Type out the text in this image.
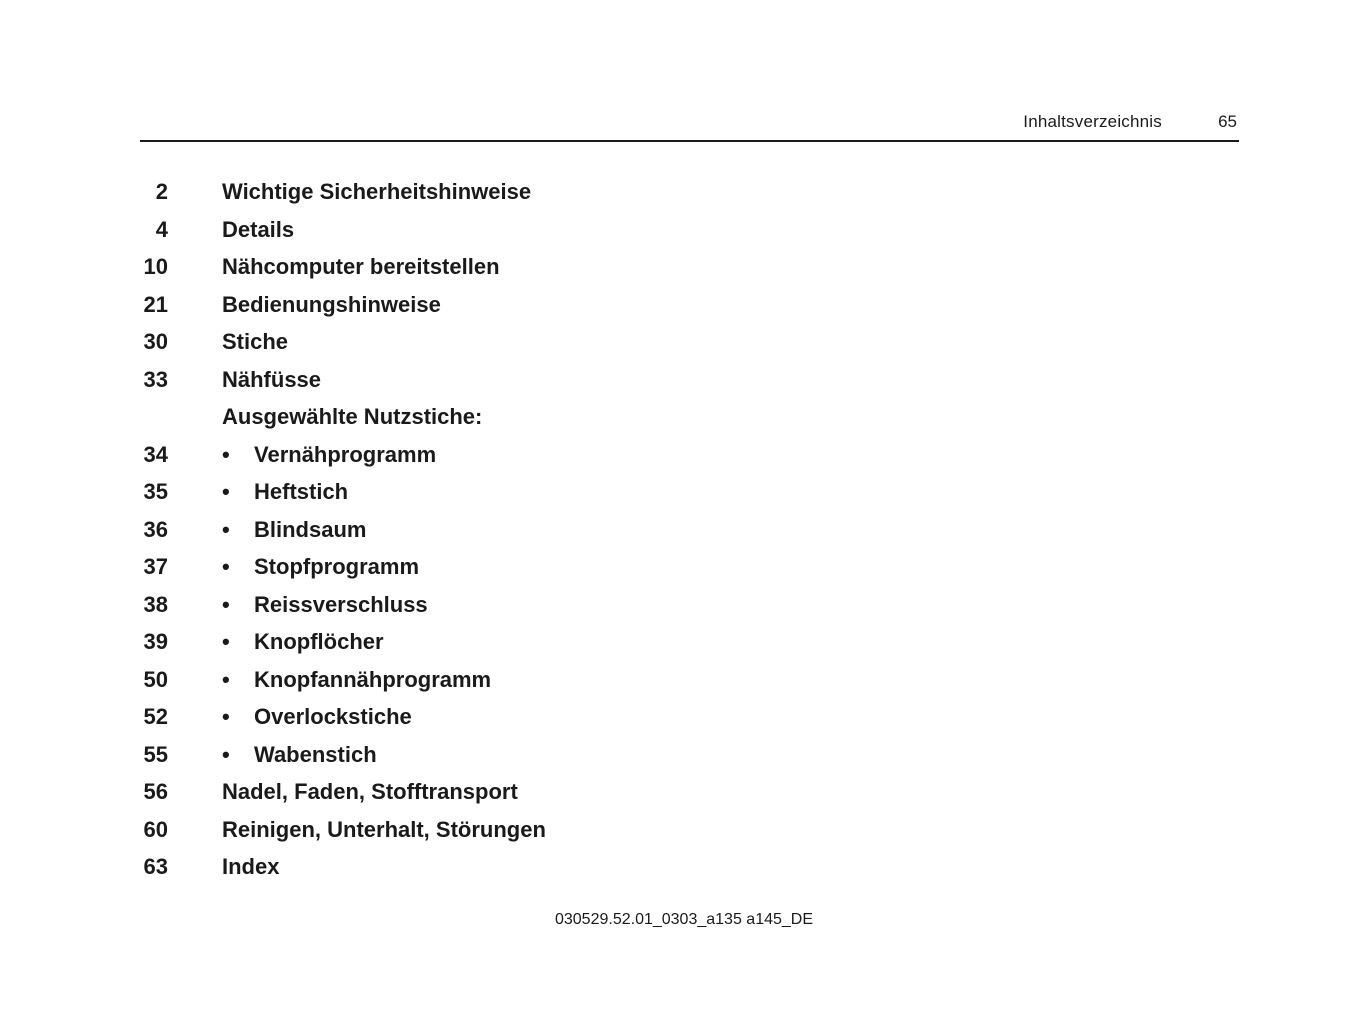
Inhaltsverzeichnis	65
2 Wichtige Sicherheitshinweise
4 Details
10 Nähcomputer bereitstellen
21 Bedienungshinweise
30 Stiche
33 Nähfüsse
Ausgewählte Nutzstiche:
34 •	Vernähprogramm
35 •	Heftstich
36 •	Blindsaum
37 •	Stopfprogramm
38 •	Reissverschluss
39 •	Knopflöcher
50 •	Knopfannähprogramm
52 •	Overlockstiche
55 •	Wabenstich
56 Nadel, Faden, Stofftransport
60 Reinigen, Unterhalt, Störungen
63 Index
030529.52.01_0303_a135 a145_DE
